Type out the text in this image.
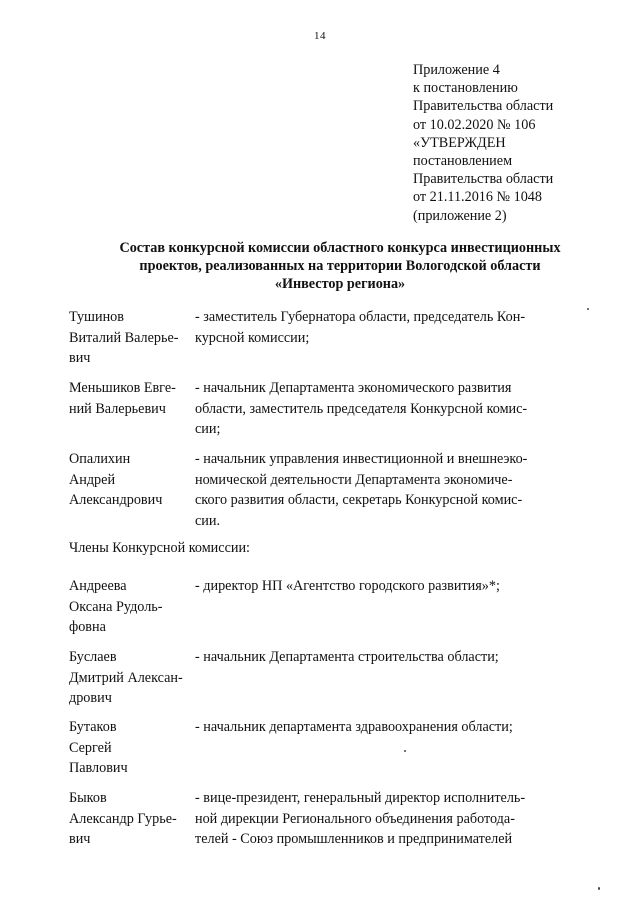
14
Приложение 4
к постановлению
Правительства области
от 10.02.2020 № 106
«УТВЕРЖДЕН
постановлением
Правительства области
от 21.11.2016 № 1048
(приложение 2)
Состав конкурсной комиссии областного конкурса инвестиционных
проектов, реализованных на территории Вологодской области
«Инвестор региона»
Тушинов
Виталий Валерье-
вич
- заместитель Губернатора области, председатель Кон-
курсной комиссии;
Меньшиков Евге-
ний Валерьевич
- начальник Департамента экономического развития
области, заместитель председателя Конкурсной комис-
сии;
Опалихин
Андрей
Александрович
- начальник управления инвестиционной и внешнеэко-
номической деятельности Департамента экономиче-
ского развития области, секретарь Конкурсной комис-
сии.
Члены Конкурсной комиссии:
Андреева
Оксана Рудоль-
фовна
- директор НП «Агентство городского развития»*;
Буслаев
Дмитрий Алексан-
дрович
- начальник Департамента строительства области;
Бутаков
Сергей
Павлович
- начальник департамента здравоохранения области;
Быков
Александр Гурье-
вич
- вице-президент, генеральный директор исполнитель-
ной дирекции Регионального объединения работода-
телей - Союз промышленников и предпринимателей
